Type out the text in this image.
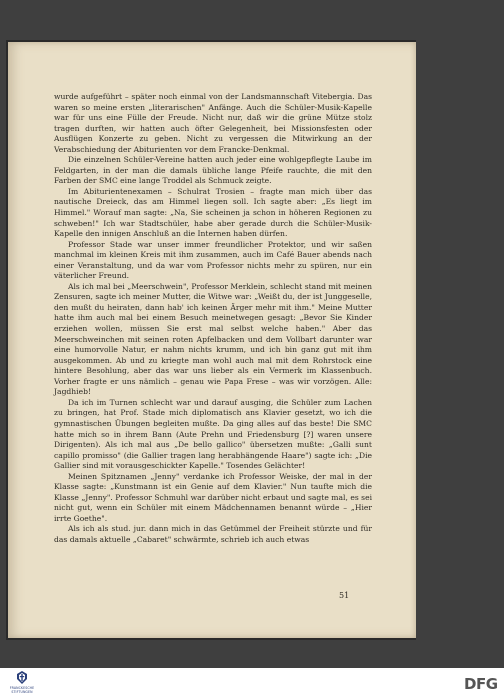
wurde aufgeführt – später noch einmal von der Landsmannschaft Vitebergia. Das waren so meine ersten „literarischen" Anfänge. Auch die Schüler-Musik-Kapelle war für uns eine Fülle der Freude. Nicht nur, daß wir die grüne Mütze stolz tragen durften, wir hatten auch öfter Gelegenheit, bei Missionsfesten oder Ausflügen Konzerte zu geben. Nicht zu vergessen die Mitwirkung an der Verabschiedung der Abiturienten vor dem Francke-Denkmal.

Die einzelnen Schüler-Vereine hatten auch jeder eine wohlgepflegte Laube im Feldgarten, in der man die damals übliche lange Pfeife rauchte, die mit den Farben der SMC eine lange Troddel als Schmuck zeigte.

Im Abiturientenexamen – Schulrat Trosien – fragte man mich über das nautische Dreieck, das am Himmel liegen soll. Ich sagte aber: „Es liegt im Himmel." Worauf man sagte: „Na, Sie scheinen ja schon in höheren Regionen zu schweben!" Ich war Stadtschüler, habe aber gerade durch die Schüler-Musik-Kapelle den innigen Anschluß an die Internen haben dürfen.

Professor Stade war unser immer freundlicher Protektor, und wir saßen manchmal im kleinen Kreis mit ihm zusammen, auch im Café Bauer abends nach einer Veranstaltung, und da war vom Professor nichts mehr zu spüren, nur ein väterlicher Freund.

Als ich mal bei „Meerschwein", Professor Merklein, schlecht stand mit meinen Zensuren, sagte ich meiner Mutter, die Witwe war: „Weißt du, der ist Junggeselle, den mußt du heiraten, dann hab' ich keinen Ärger mehr mit ihm." Meine Mutter hatte ihm auch mal bei einem Besuch meinetwegen gesagt: „Bevor Sie Kinder erziehen wollen, müssen Sie erst mal selbst welche haben." Aber das Meerschweinchen mit seinen roten Apfelbacken und dem Vollbart darunter war eine humorvolle Natur, er nahm nichts krumm, und ich bin ganz gut mit ihm ausgekommen. Ab und zu kriegte man wohl auch mal mit dem Rohrstock eine hintere Besohlung, aber das war uns lieber als ein Vermerk im Klassenbuch. Vorher fragte er uns nämlich – genau wie Papa Frese – was wir vorzögen. Alle: Jagdhieb!

Da ich im Turnen schlecht war und darauf ausging, die Schüler zum Lachen zu bringen, hat Prof. Stade mich diplomatisch ans Klavier gesetzt, wo ich die gymnastischen Übungen begleiten mußte. Da ging alles auf das beste! Die SMC hatte mich so in ihrem Bann (Aute Prehn und Friedensburg [?] waren unsere Dirigenten). Als ich mal aus „De bello gallico" übersetzen mußte: „Galli sunt capillo promisso" (die Gallier tragen lang herabhängende Haare") sagte ich: „Die Gallier sind mit vorausgeschickter Kapelle." Tosendes Gelächter!

Meinen Spitznamen „Jenny" verdanke ich Professor Weiske, der mal in der Klasse sagte: „Kunstmann ist ein Genie auf dem Klavier." Nun taufte mich die Klasse „Jenny". Professor Schmuhl war darüber nicht erbaut und sagte mal, es sei nicht gut, wenn ein Schüler mit einem Mädchennamen benannt würde – „Hier irrte Goethe".

Als ich als stud. jur. dann mich in das Getümmel der Freiheit stürzte und für das damals aktuelle „Cabaret" schwärmte, schrieb ich auch etwas

51
FRANCKESCHE
STIFTUNGEN	DFG
